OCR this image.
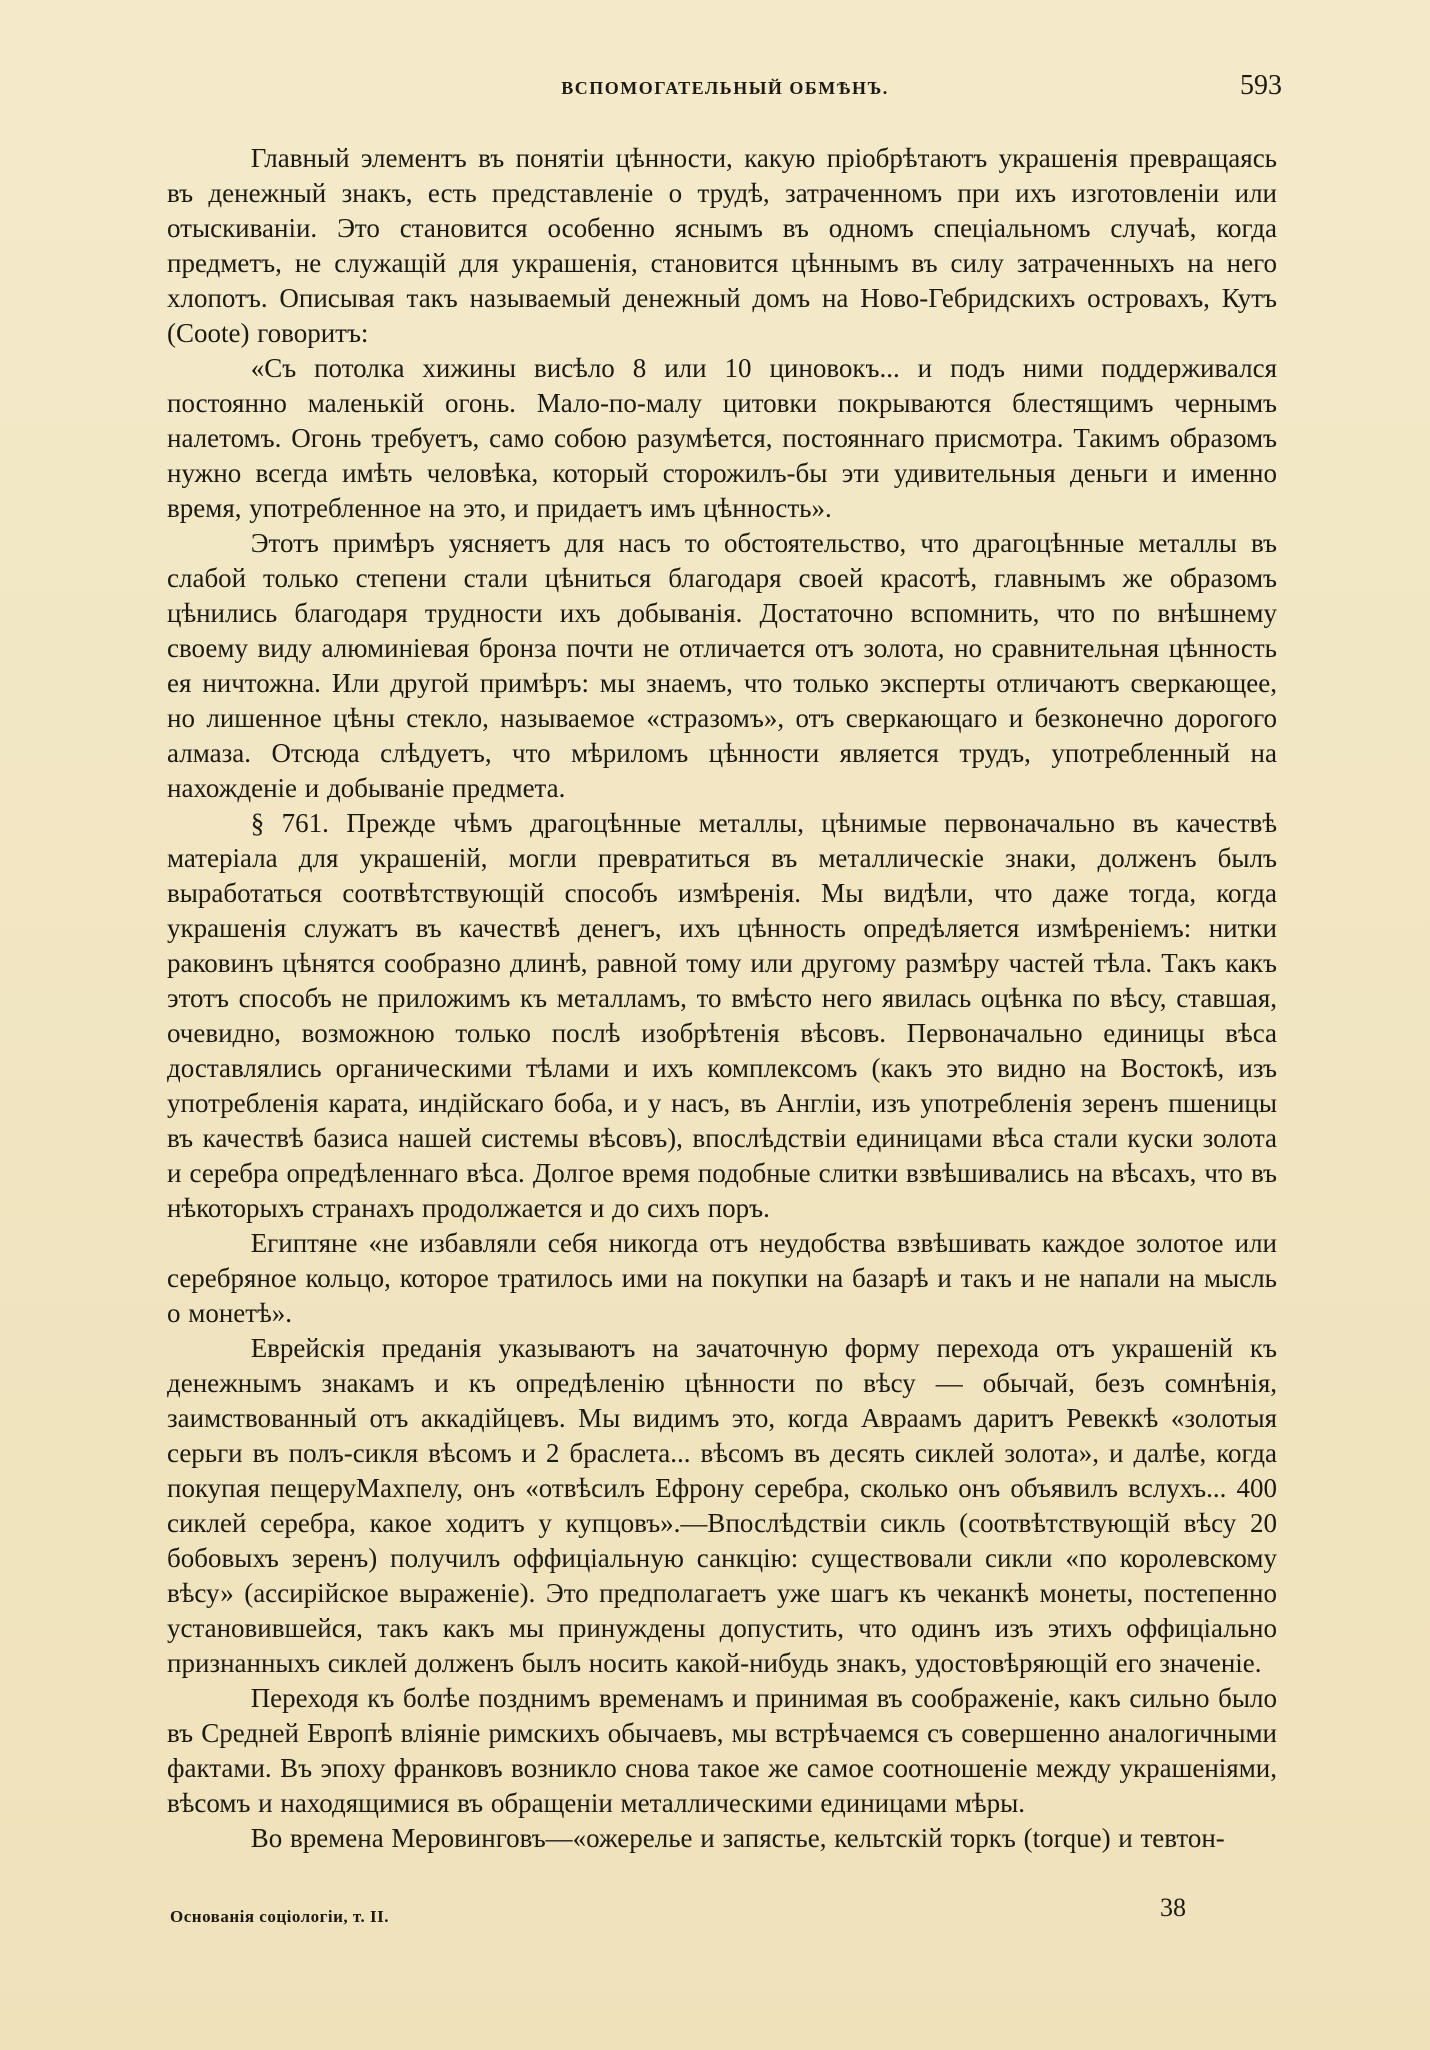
ВСПОМОГАТЕЛЬНЫЙ ОБМѢНЪ.	593

Главный элементъ въ понятіи цѣнности, какую пріобрѣтаютъ украшенія превращаясь въ денежный знакъ, есть представленіе о трудѣ, затраченномъ при ихъ изготовленіи или отыскиваніи. Это становится особенно яснымъ въ одномъ спеціальномъ случаѣ, когда предметъ, не служащій для украшенія, становится цѣннымъ въ силу затраченныхъ на него хлопотъ. Описывая такъ называемый денежный домъ на Ново-Гебридскихъ островахъ, Кутъ (Coote) говоритъ:

«Съ потолка хижины висѣло 8 или 10 циновокъ... и подъ ними поддерживался постоянно маленькій огонь. Мало-по-малу цитовки покрываются блестящимъ чернымъ налетомъ. Огонь требуетъ, само собою разумѣется, постояннаго присмотра. Такимъ образомъ нужно всегда имѣть человѣка, который сторожилъ-бы эти удивительныя деньги и именно время, употребленное на это, и придаетъ имъ цѣнность».

Этотъ примѣръ уясняетъ для насъ то обстоятельство, что драгоцѣнные металлы въ слабой только степени стали цѣниться благодаря своей красотѣ, главнымъ же образомъ цѣнились благодаря трудности ихъ добыванія. Достаточно вспомнить, что по внѣшнему своему виду алюминіевая бронза почти не отличается отъ золота, но сравнительная цѣнность ея ничтожна. Или другой примѣръ: мы знаемъ, что только эксперты отличаютъ сверкающее, но лишенное цѣны стекло, называемое «стразомъ», отъ сверкающаго и безконечно дорогого алмаза. Отсюда слѣдуетъ, что мѣриломъ цѣнности является трудъ, употребленный на нахожденіе и добываніе предмета.

§ 761. Прежде чѣмъ драгоцѣнные металлы, цѣнимые первоначально въ качествѣ матеріала для украшеній, могли превратиться въ металлическіе знаки, долженъ былъ выработаться соотвѣтствующій способъ измѣренія. Мы видѣли, что даже тогда, когда украшенія служатъ въ качествѣ денегъ, ихъ цѣнность опредѣляется измѣреніемъ: нитки раковинъ цѣнятся сообразно длинѣ, равной тому или другому размѣру частей тѣла. Такъ какъ этотъ способъ не приложимъ къ металламъ, то вмѣсто него явилась оцѣнка по вѣсу, ставшая, очевидно, возможною только послѣ изобрѣтенія вѣсовъ. Первоначально единицы вѣса доставлялись органическими тѣлами и ихъ комплексомъ (какъ это видно на Востокѣ, изъ употребленія карата, индійскаго боба, и у насъ, въ Англіи, изъ употребленія зеренъ пшеницы въ качествѣ базиса нашей системы вѣсовъ), впослѣдствіи единицами вѣса стали куски золота и серебра опредѣленнаго вѣса. Долгое время подобные слитки взвѣшивались на вѣсахъ, что въ нѣкоторыхъ странахъ продолжается и до сихъ поръ.

Египтяне «не избавляли себя никогда отъ неудобства взвѣшивать каждое золотое или серебряное кольцо, которое тратилось ими на покупки на базарѣ и такъ и не напали на мысль о монетѣ».

Еврейскія преданія указываютъ на зачаточную форму перехода отъ украшеній къ денежнымъ знакамъ и къ опредѣленію цѣнности по вѣсу — обычай, безъ сомнѣнія, заимствованный отъ аккадійцевъ. Мы видимъ это, когда Авраамъ даритъ Ревеккѣ «золотыя серьги въ полъ-сикля вѣсомъ и 2 браслета... вѣсомъ въ десять сиклей золота», и далѣе, когда покупая пещеруМахпелу, онъ «отвѣсилъ Ефрону серебра, сколько онъ объявилъ вслухъ... 400 сиклей серебра, какое ходитъ у купцовъ».—Впослѣдствіи сикль (соотвѣтствующій вѣсу 20 бобовыхъ зеренъ) получилъ оффиціальную санкцію: существовали сикли «по королевскому вѣсу» (ассирійское выраженіе). Это предполагаетъ уже шагъ къ чеканкѣ монеты, постепенно установившейся, такъ какъ мы принуждены допустить, что одинъ изъ этихъ оффиціально признанныхъ сиклей долженъ былъ носить какой-нибудь знакъ, удостовѣряющій его значеніе.

Переходя къ болѣе позднимъ временамъ и принимая въ соображеніе, какъ сильно было въ Средней Европѣ вліяніе римскихъ обычаевъ, мы встрѣчаемся съ совершенно аналогичными фактами. Въ эпоху франковъ возникло снова такое же самое соотношеніе между украшеніями, вѣсомъ и находящимися въ обращеніи металлическими единицами мѣры.

Во времена Меровинговъ—«ожерелье и запястье, кельтскій торкъ (torque) и тевтон-

Основанія соціологіи, т. II.	38
